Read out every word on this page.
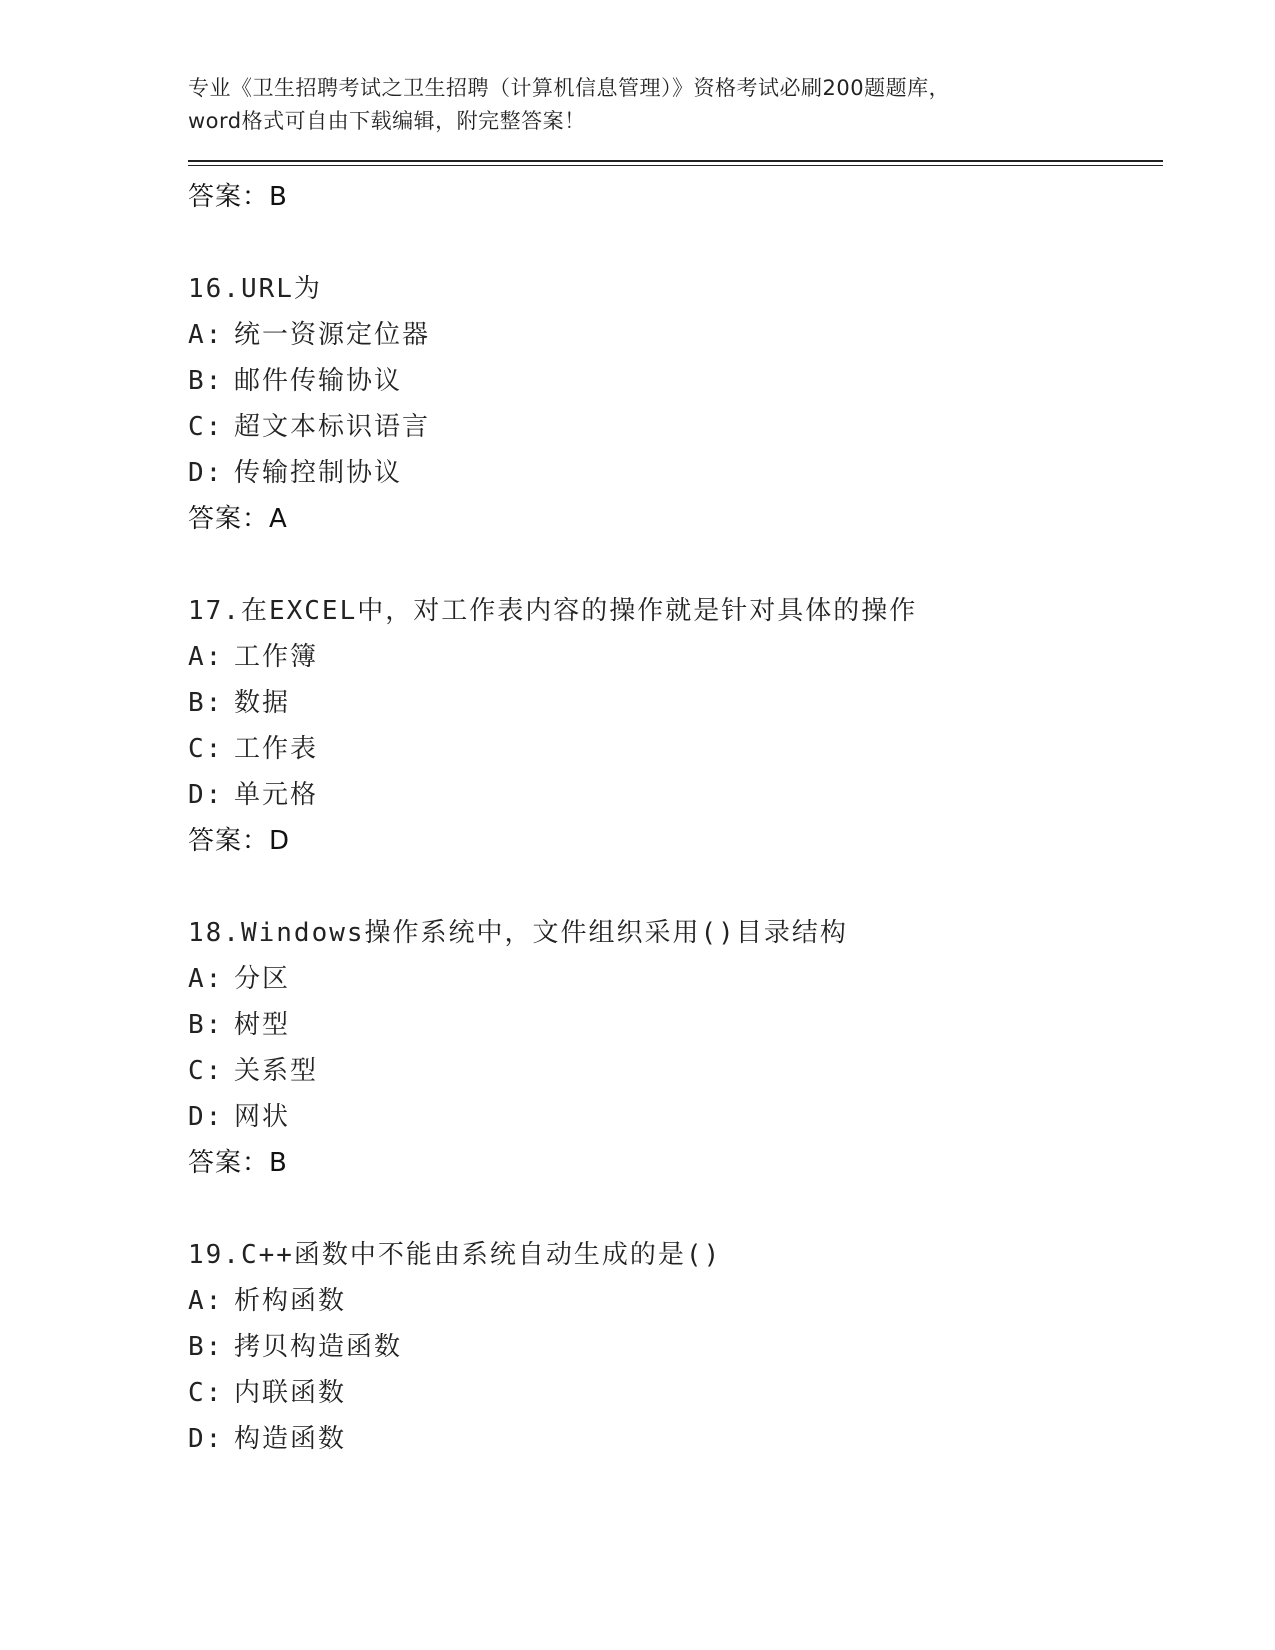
专业《卫生招聘考试之卫生招聘（计算机信息管理）》资格考试必刷200题题库，
word格式可自由下载编辑，附完整答案！
答案：B
16.URL为
A: 统一资源定位器
B: 邮件传输协议
C: 超文本标识语言
D: 传输控制协议
答案：A
17.在EXCEL中，对工作表内容的操作就是针对具体的操作
A: 工作簿
B: 数据
C: 工作表
D: 单元格
答案：D
18.Windows操作系统中，文件组织采用()目录结构
A: 分区
B: 树型
C: 关系型
D: 网状
答案：B
19.C++函数中不能由系统自动生成的是()
A: 析构函数
B: 拷贝构造函数
C: 内联函数
D: 构造函数
